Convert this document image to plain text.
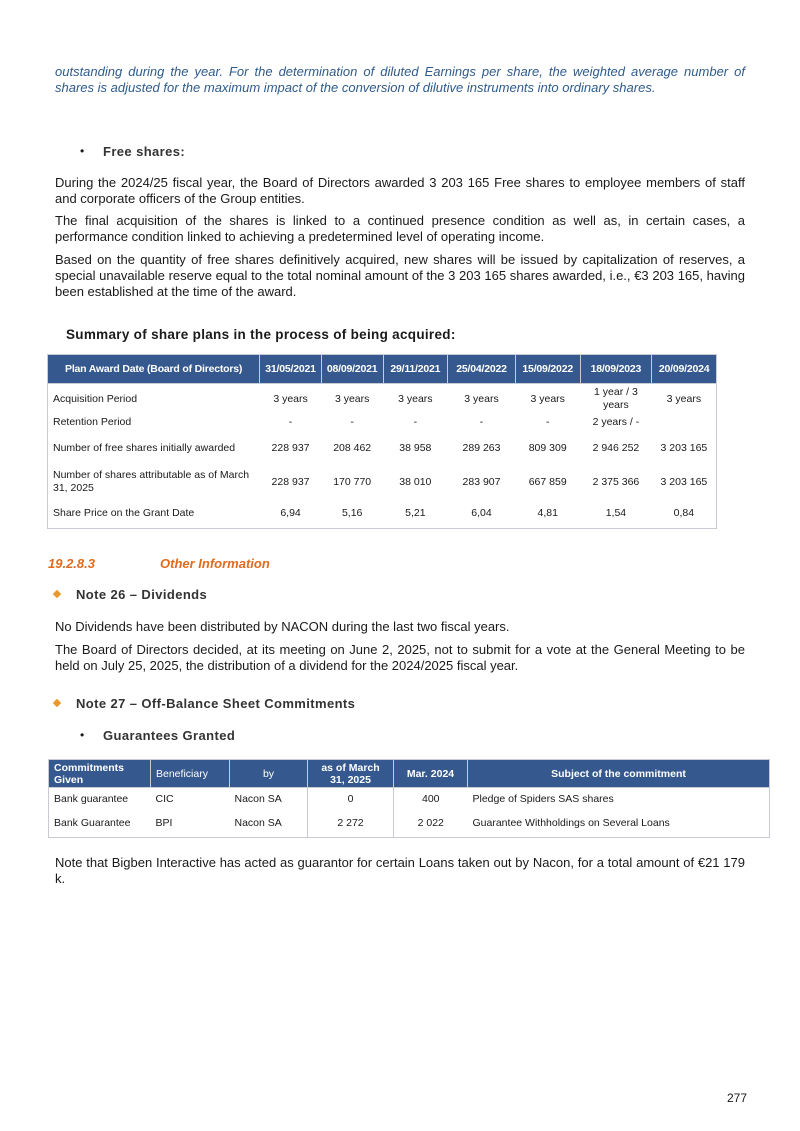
outstanding during the year. For the determination of diluted Earnings per share, the weighted average number of shares is adjusted for the maximum impact of the conversion of dilutive instruments into ordinary shares.

• Free shares:

During the 2024/25 fiscal year, the Board of Directors awarded 3 203 165 Free shares to employee members of staff and corporate officers of the Group entities.

The final acquisition of the shares is linked to a continued presence condition as well as, in certain cases, a performance condition linked to achieving a predetermined level of operating income.

Based on the quantity of free shares definitively acquired, new shares will be issued by capitalization of reserves, a special unavailable reserve equal to the total nominal amount of the 3 203 165 shares awarded, i.e., €3 203 165, having been established at the time of the award.

Summary of share plans in the process of being acquired:

Plan Award Date (Board of Directors)	31/05/2021	08/09/2021	29/11/2021	25/04/2022	15/09/2022	18/09/2023	20/09/2024
Acquisition Period	3 years	3 years	3 years	3 years	3 years	1 year / 3 years	3 years
Retention Period	-	-	-	-	-	2 years / -	
Number of free shares initially awarded	228 937	208 462	38 958	289 263	809 309	2 946 252	3 203 165
Number of shares attributable as of March 31, 2025	228 937	170 770	38 010	283 907	667 859	2 375 366	3 203 165
Share Price on the Grant Date	6,94	5,16	5,21	6,04	4,81	1,54	0,84
19.2.8.3	Other Information
Note 26 – Dividends

No Dividends have been distributed by NACON during the last two fiscal years.

The Board of Directors decided, at its meeting on June 2, 2025, not to submit for a vote at the General Meeting to be held on July 25, 2025, the distribution of a dividend for the 2024/2025 fiscal year.

Note 27 – Off-Balance Sheet Commitments
• Guarantees Granted
Commitments Given	Beneficiary	by	as of March 31, 2025	Mar. 2024	Subject of the commitment
Bank guarantee	CIC	Nacon SA	0	400	Pledge of Spiders SAS shares
Bank Guarantee	BPI	Nacon SA	2 272	2 022	Guarantee Withholdings on Several Loans

Note that Bigben Interactive has acted as guarantor for certain Loans taken out by Nacon, for a total amount of €21 179 k.

277
